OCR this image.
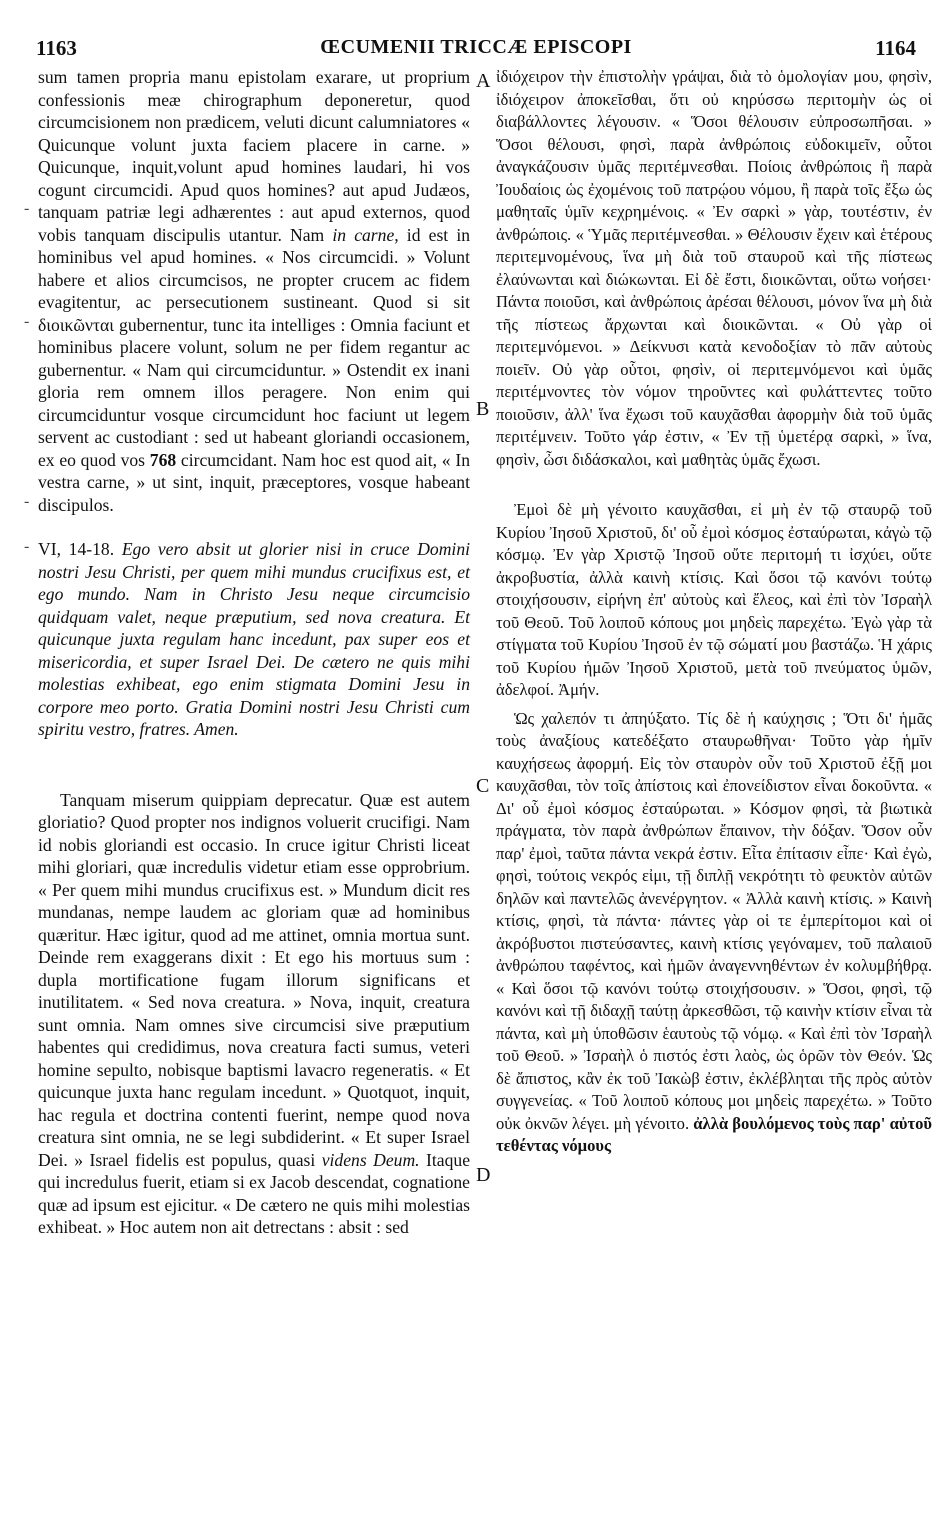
1163	ŒCUMENII TRICCÆ EPISCOPI	1164

sum tamen propria manu epistolam exarare, ut proprium confessionis meæ chirographum deponeretur, quod circumcisionem non prædicem, veluti dicunt calumniatores « Quicunque volunt juxta faciem placere in carne. » Quicunque, inquit,volunt apud homines laudari, hi vos cogunt circumcidi. Apud quos homines? aut apud Judæos, tanquam patriæ legi adhærentes : aut apud externos, quod vobis tanquam discipulis utantur. Nam in carne, id est in hominibus vel apud homines. « Nos circumcidi. » Volunt habere et alios circumcisos, ne propter crucem ac fidem evagitentur, ac persecutionem sustineant. Quod si sit διοικῶνται gubernentur, tunc ita intelliges : Omnia faciunt et hominibus placere volunt, solum ne per fidem regantur ac gubernentur. « Nam qui circumciduntur. » Ostendit ex inani gloria rem omnem illos peragere. Non enim qui circumciduntur vosque circumcidunt hoc faciunt ut legem servent ac custodiant : sed ut habeant gloriandi occasionem, ex eo quod vos 768 circumcidant. Nam hoc est quod ait, « In vestra carne, » ut sint, inquit, præceptores, vosque habeant discipulos.

VI, 14-18. Ego vero absit ut glorier nisi in cruce Domini nostri Jesu Christi, per quem mihi mundus crucifixus est, et ego mundo. Nam in Christo Jesu neque circumcisio quidquam valet, neque præputium, sed nova creatura. Et quicunque juxta regulam hanc incedunt, pax super eos et misericordia, et super Israel Dei. De cætero ne quis mihi molestias exhibeat, ego enim stigmata Domini Jesu in corpore meo porto. Gratia Domini nostri Jesu Christi cum spiritu vestro, fratres. Amen.

Tanquam miserum quippiam deprecatur. Quæ est autem gloriatio? Quod propter nos indignos voluerit crucifigi. Nam id nobis gloriandi est occasio. In cruce igitur Christi liceat mihi gloriari, quæ incredulis videtur etiam esse opprobrium. « Per quem mihi mundus crucifixus est. » Mundum dicit res mundanas, nempe laudem ac gloriam quæ ad hominibus quæritur. Hæc igitur, quod ad me attinet, omnia mortua sunt. Deinde rem exaggerans dixit : Et ego his mortuus sum : dupla mortificatione fugam illorum significans et inutilitatem. « Sed nova creatura. » Nova, inquit, creatura sunt omnia. Nam omnes sive circumcisi sive præputium habentes qui credidimus, nova creatura facti sumus, veteri homine sepulto, nobisque baptismi lavacro regeneratis. « Et quicunque juxta hanc regulam incedunt. » Quotquot, inquit, hac regula et doctrina contenti fuerint, nempe quod nova creatura sint omnia, ne se legi subdiderint. « Et super Israel Dei. » Israel fidelis est populus, quasi videns Deum. Itaque qui incredulus fuerit, etiam si ex Jacob descendat, cognatione quæ ad ipsum est ejicitur. « De cætero ne quis mihi molestias exhibeat. » Hoc autem non ait detrectans : absit : sed

ἰδιόχειρον τὴν ἐπιστολὴν γράψαι, διὰ τὸ ὁμολογίαν μου, φησὶν, ἰδιόχειρον ἀποκεῖσθαι, ὅτι οὐ κηρύσσω περιτομὴν ὡς οἱ διαβάλλοντες λέγουσιν. « Ὅσοι θέλουσιν εὐπροσωπῆσαι. » Ὅσοι θέλουσι, φησὶ, παρὰ ἀνθρώποις εὐδοκιμεῖν, οὗτοι ἀναγκάζουσιν ὑμᾶς περιτέμνεσθαι. Ποίοις ἀνθρώποις ἢ παρὰ Ἰουδαίοις ὡς ἐχομένοις τοῦ πατρῴου νόμου, ἢ παρὰ τοῖς ἔξω ὡς μαθηταῖς ὑμῖν κεχρημένοις. « Ἐν σαρκὶ » γὰρ, τουτέστιν, ἐν ἀνθρώποις. « Ὑμᾶς περιτέμνεσθαι. » Θέλουσιν ἔχειν καὶ ἑτέρους περιτεμνομένους, ἵνα μὴ διὰ τοῦ σταυροῦ καὶ τῆς πίστεως ἐλαύνωνται καὶ διώκωνται. Εἰ δὲ ἔστι, διοικῶνται, οὕτω νοήσει· Πάντα ποιοῦσι, καὶ ἀνθρώποις ἀρέσαι θέλουσι, μόνον ἵνα μὴ διὰ τῆς πίστεως ἄρχωνται καὶ διοικῶνται. « Οὐ γὰρ οἱ περιτεμνόμενοι. » Δείκνυσι κατὰ κενοδοξίαν τὸ πᾶν αὐτοὺς ποιεῖν. Οὐ γὰρ οὗτοι, φησὶν, οἱ περιτεμνόμενοι καὶ ὑμᾶς περιτέμνοντες τὸν νόμον τηροῦντες καὶ φυλάττεντες τοῦτο ποιοῦσιν, ἀλλ' ἵνα ἔχωσι τοῦ καυχᾶσθαι ἀφορμὴν διὰ τοῦ ὑμᾶς περιτέμνειν. Τοῦτο γάρ ἐστιν, « Ἐν τῇ ὑμετέρᾳ σαρκὶ, » ἵνα, φησὶν, ὦσι διδάσκαλοι, καὶ μαθητὰς ὑμᾶς ἔχωσι.

Ἐμοὶ δὲ μὴ γένοιτο καυχᾶσθαι, εἰ μὴ ἐν τῷ σταυρῷ τοῦ Κυρίου Ἰησοῦ Χριστοῦ, δι' οὗ ἐμοὶ κόσμος ἐσταύρωται, κἀγὼ τῷ κόσμῳ. Ἐν γὰρ Χριστῷ Ἰησοῦ οὔτε περιτομή τι ἰσχύει, οὔτε ἀκροβυστία, ἀλλὰ καινὴ κτίσις. Καὶ ὅσοι τῷ κανόνι τούτῳ στοιχήσουσιν, εἰρήνη ἐπ' αὐτοὺς καὶ ἔλεος, καὶ ἐπὶ τὸν Ἰσραὴλ τοῦ Θεοῦ. Τοῦ λοιποῦ κόπους μοι μηδεὶς παρεχέτω. Ἐγὼ γὰρ τὰ στίγματα τοῦ Κυρίου Ἰησοῦ ἐν τῷ σώματί μου βαστάζω. Ἡ χάρις τοῦ Κυρίου ἡμῶν Ἰησοῦ Χριστοῦ, μετὰ τοῦ πνεύματος ὑμῶν, ἀδελφοί. Ἀμήν.

Ὡς χαλεπόν τι ἀπηύξατο. Τίς δὲ ἡ καύχησις ; Ὅτι δι' ἡμᾶς τοὺς ἀναξίους κατεδέξατο σταυρωθῆναι· Τοῦτο γὰρ ἡμῖν καυχήσεως ἀφορμή. Εἰς τὸν σταυρὸν οὖν τοῦ Χριστοῦ ἐξῇ μοι καυχᾶσθαι, τὸν τοῖς ἀπίστοις καὶ ἐπονείδιστον εἶναι δοκοῦντα. « Δι' οὗ ἐμοὶ κόσμος ἐσταύρωται. » Κόσμον φησὶ, τὰ βιωτικὰ πράγματα, τὸν παρὰ ἀνθρώπων ἔπαινον, τὴν δόξαν. Ὅσον οὖν παρ' ἐμοὶ, ταῦτα πάντα νεκρά ἐστιν. Εἶτα ἐπίτασιν εἶπε· Καὶ ἐγὼ, φησὶ, τούτοις νεκρός εἰμι, τῇ διπλῇ νεκρότητι τὸ φευκτὸν αὐτῶν δηλῶν καὶ παντελῶς ἀνενέργητον. « Ἀλλὰ καινὴ κτίσις. » Καινὴ κτίσις, φησὶ, τὰ πάντα· πάντες γὰρ οἱ τε ἐμπερίτομοι καὶ οἱ ἀκρόβυστοι πιστεύσαντες, καινὴ κτίσις γεγόναμεν, τοῦ παλαιοῦ ἀνθρώπου ταφέντος, καὶ ἡμῶν ἀναγεννηθέντων ἐν κολυμβήθρᾳ. « Καὶ ὅσοι τῷ κανόνι τούτῳ στοιχήσουσιν. » Ὅσοι, φησὶ, τῷ κανόνι καὶ τῇ διδαχῇ ταύτῃ ἀρκεσθῶσι, τῷ καινὴν κτίσιν εἶναι τὰ πάντα, καὶ μὴ ὑποθῶσιν ἑαυτοὺς τῷ νόμῳ. « Καὶ ἐπὶ τὸν Ἰσραὴλ τοῦ Θεοῦ. » Ἰσραὴλ ὁ πιστός ἐστι λαὸς, ὡς ὁρῶν τὸν Θεόν. Ὡς δὲ ἄπιστος, κἂν ἐκ τοῦ Ἰακὼβ ἐστιν, ἐκλέβληται τῆς πρὸς αὐτὸν συγγενείας. « Τοῦ λοιποῦ κόπους μοι μηδεὶς παρεχέτω. » Τοῦτο οὐκ ὀκνῶν λέγει. μὴ γένοιτο. ἀλλὰ βουλόμενος τοὺς παρ' αὐτοῦ τεθέντας νόμους

A
B
C
D
-
-
-
-
